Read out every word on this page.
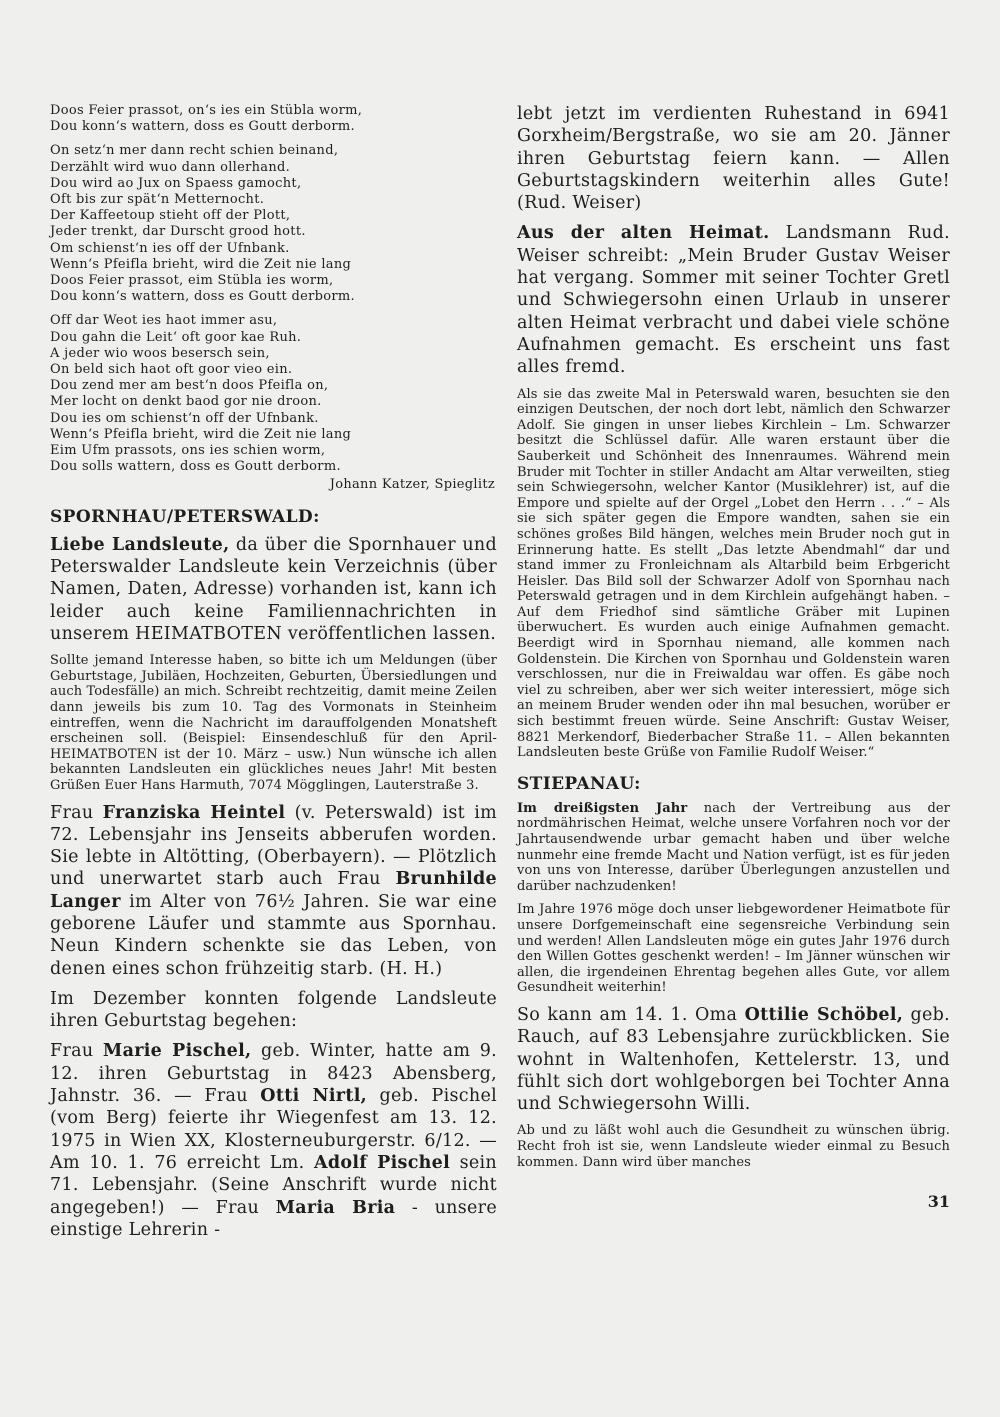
Doos Feier prassot, on‘s ies ein Stübla worm,
Dou konn‘s wattern, doss es Goutt derborm.
On setz‘n mer dann recht schien beinand,
Derzählt wird wuo dann ollerhand.
Dou wird ao Jux on Spaess gamocht,
Oft bis zur spät‘n Metternocht.
Der Kaffeetoup stieht off der Plott,
Jeder trenkt, dar Durscht grood hott.
Om schienst‘n ies off der Ufnbank.
Wenn‘s Pfeifla brieht, wird die Zeit nie lang
Doos Feier prassot, eim Stübla ies worm,
Dou konn‘s wattern, doss es Goutt derborm.
Off dar Weot ies haot immer asu,
Dou gahn die Leit‘ oft goor kae Ruh.
A jeder wio woos besersch sein,
On beld sich haot oft goor vieo ein.
Dou zend mer am best‘n doos Pfeifla on,
Mer locht on denkt baod gor nie droon.
Dou ies om schienst‘n off der Ufnbank.
Wenn‘s Pfeifla brieht, wird die Zeit nie lang
Eim Ufm prassots, ons ies schien worm,
Dou solls wattern, doss es Goutt derborm.
Johann Katzer, Spieglitz
SPORNHAU/PETERSWALD:
Liebe Landsleute, da über die Spornhauer und Peterswalder Landsleute kein Verzeichnis (über Namen, Daten, Adresse) vorhanden ist, kann ich leider auch keine Familiennachrichten in unserem HEIMATBOTEN veröffentlichen lassen.
Sollte jemand Interesse haben, so bitte ich um Meldungen (über Geburtstage, Jubiläen, Hochzeiten, Geburten, Übersiedlungen und auch Todesfälle) an mich. Schreibt rechtzeitig, damit meine Zeilen dann jeweils bis zum 10. Tag des Vormonats in Steinheim eintreffen, wenn die Nachricht im darauffolgenden Monatsheft erscheinen soll. (Beispiel: Einsendeschluß für den April-HEIMATBOTEN ist der 10. März – usw.) Nun wünsche ich allen bekannten Landsleuten ein glückliches neues Jahr! Mit besten Grüßen Euer Hans Harmuth, 7074 Mögglingen, Lauterstraße 3.
Frau Franziska Heintel (v. Peterswald) ist im 72. Lebensjahr ins Jenseits abberufen worden. Sie lebte in Altötting, (Oberbayern). — Plötzlich und unerwartet starb auch Frau Brunhilde Langer im Alter von 76½ Jahren. Sie war eine geborene Läufer und stammte aus Spornhau. Neun Kindern schenkte sie das Leben, von denen eines schon frühzeitig starb. (H. H.)
Im Dezember konnten folgende Landsleute ihren Geburtstag begehen:
Frau Marie Pischel, geb. Winter, hatte am 9. 12. ihren Geburtstag in 8423 Abensberg, Jahnstr. 36. — Frau Otti Nirtl, geb. Pischel (vom Berg) feierte ihr Wiegenfest am 13. 12. 1975 in Wien XX, Klosterneuburgerstr. 6/12. — Am 10. 1. 76 erreicht Lm. Adolf Pischel sein 71. Lebensjahr. (Seine Anschrift wurde nicht angegeben!) — Frau Maria Bria - unsere einstige Lehrerin -
lebt jetzt im verdienten Ruhestand in 6941 Gorxheim/Bergstraße, wo sie am 20. Jänner ihren Geburtstag feiern kann. — Allen Geburtstagskindern weiterhin alles Gute! (Rud. Weiser)
Aus der alten Heimat. Landsmann Rud. Weiser schreibt: „Mein Bruder Gustav Weiser hat vergang. Sommer mit seiner Tochter Gretl und Schwiegersohn einen Urlaub in unserer alten Heimat verbracht und dabei viele schöne Aufnahmen gemacht. Es erscheint uns fast alles fremd.
Als sie das zweite Mal in Peterswald waren, besuchten sie den einzigen Deutschen, der noch dort lebt, nämlich den Schwarzer Adolf. Sie gingen in unser liebes Kirchlein – Lm. Schwarzer besitzt die Schlüssel dafür. Alle waren erstaunt über die Sauberkeit und Schönheit des Innenraumes. Während mein Bruder mit Tochter in stiller Andacht am Altar verweilten, stieg sein Schwiegersohn, welcher Kantor (Musiklehrer) ist, auf die Empore und spielte auf der Orgel „Lobet den Herrn . . .“ – Als sie sich später gegen die Empore wandten, sahen sie ein schönes großes Bild hängen, welches mein Bruder noch gut in Erinnerung hatte. Es stellt „Das letzte Abendmahl“ dar und stand immer zu Fronleichnam als Altarbild beim Erbgericht Heisler. Das Bild soll der Schwarzer Adolf von Spornhau nach Peterswald getragen und in dem Kirchlein aufgehängt haben. – Auf dem Friedhof sind sämtliche Gräber mit Lupinen überwuchert. Es wurden auch einige Aufnahmen gemacht. Beerdigt wird in Spornhau niemand, alle kommen nach Goldenstein. Die Kirchen von Spornhau und Goldenstein waren verschlossen, nur die in Freiwaldau war offen. Es gäbe noch viel zu schreiben, aber wer sich weiter interessiert, möge sich an meinem Bruder wenden oder ihn mal besuchen, worüber er sich bestimmt freuen würde. Seine Anschrift: Gustav Weiser, 8821 Merkendorf, Biederbacher Straße 11. – Allen bekannten Landsleuten beste Grüße von Familie Rudolf Weiser.“
STIEPANAU:
Im dreißigsten Jahr nach der Vertreibung aus der nordmährischen Heimat, welche unsere Vorfahren noch vor der Jahrtausendwende urbar gemacht haben und über welche nunmehr eine fremde Macht und Nation verfügt, ist es für jeden von uns von Interesse, darüber Überlegungen anzustellen und darüber nachzudenken!
Im Jahre 1976 möge doch unser liebgewordener Heimatbote für unsere Dorfgemeinschaft eine segensreiche Verbindung sein und werden! Allen Landsleuten möge ein gutes Jahr 1976 durch den Willen Gottes geschenkt werden! – Im Jänner wünschen wir allen, die irgendeinen Ehrentag begehen alles Gute, vor allem Gesundheit weiterhin!
So kann am 14. 1. Oma Ottilie Schöbel, geb. Rauch, auf 83 Lebensjahre zurückblicken. Sie wohnt in Waltenhofen, Kettelerstr. 13, und fühlt sich dort wohlgeborgen bei Tochter Anna und Schwiegersohn Willi.
Ab und zu läßt wohl auch die Gesundheit zu wünschen übrig. Recht froh ist sie, wenn Landsleute wieder einmal zu Besuch kommen. Dann wird über manches
31
